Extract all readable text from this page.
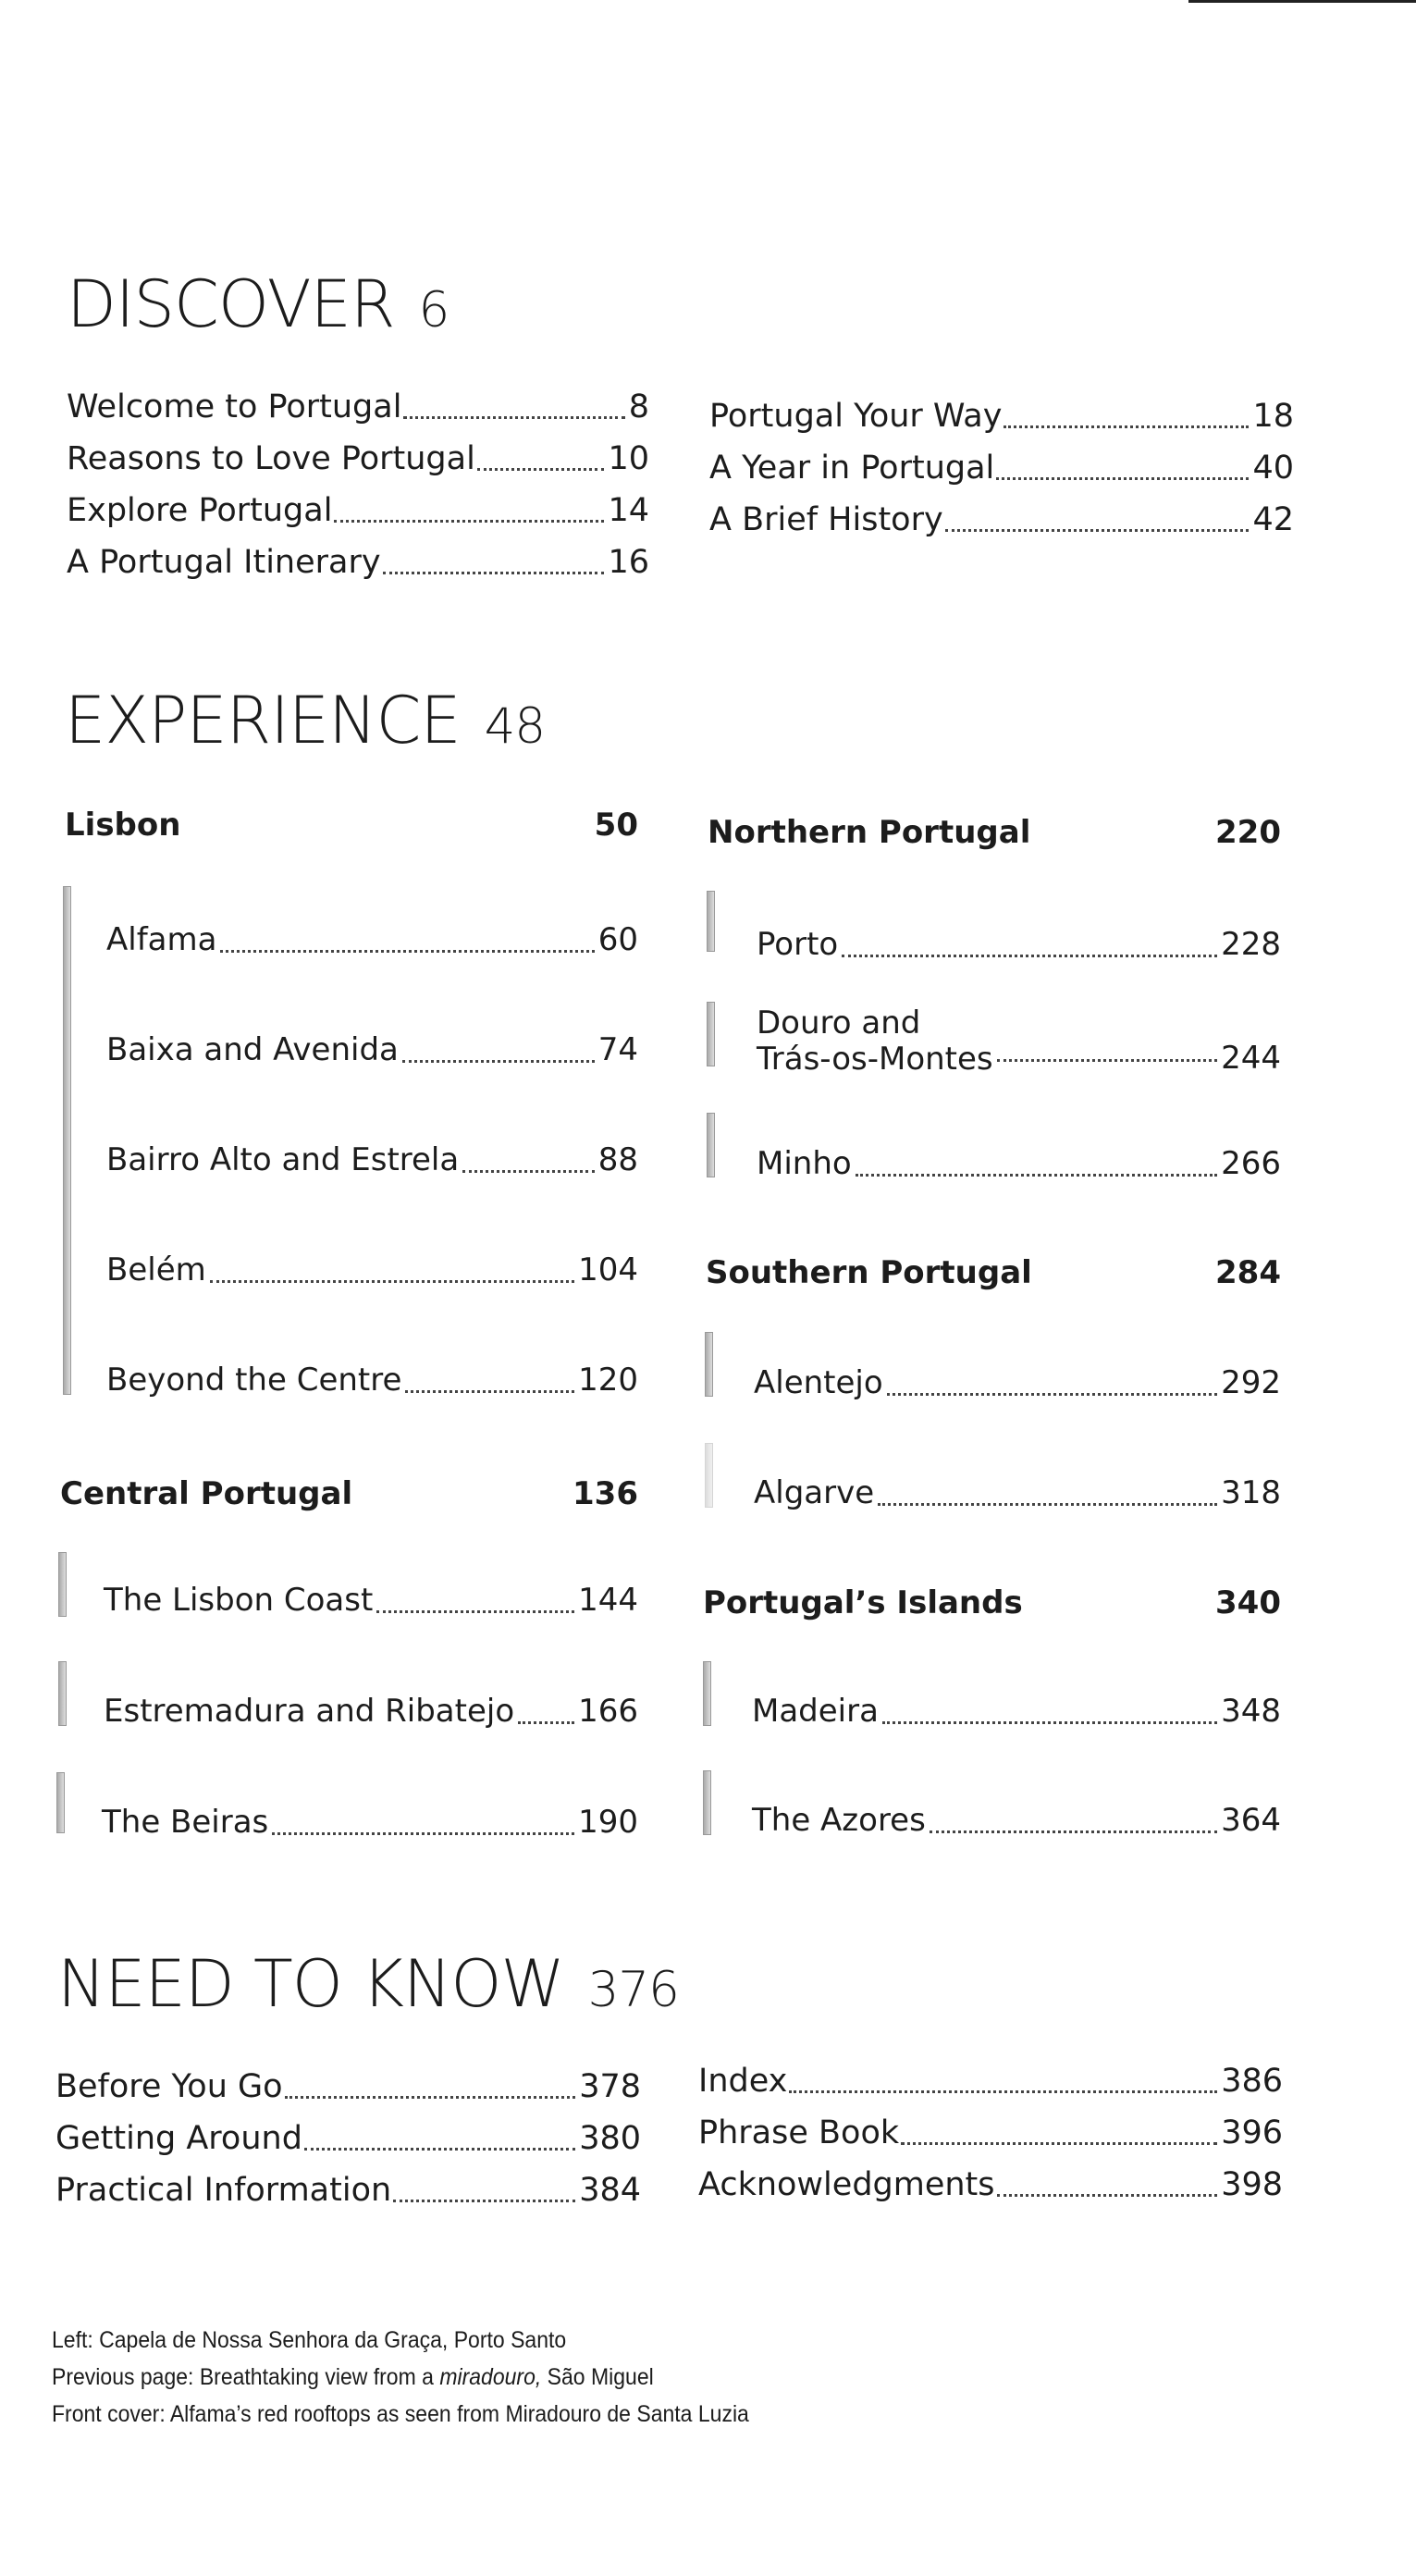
DISCOVER 6
Welcome to Portugal	8
Reasons to Love Portugal	10
Explore Portugal	14
A Portugal Itinerary	16
Portugal Your Way	18
A Year in Portugal	40
A Brief History	42
EXPERIENCE 48
Lisbon	50
Alfama	60
Baixa and Avenida	74
Bairro Alto and Estrela	88
Belém	104
Beyond the Centre	120
Central Portugal	136
The Lisbon Coast	144
Estremadura and Ribatejo 166
The Beiras	190
Northern Portugal	220
Porto	228
Douro and
Trás-os-Montes	244
Minho	266
Southern Portugal	284
Alentejo	292
Algarve	318
Portugal’s Islands	340
Madeira	348
The Azores	364
NEED TO KNOW 376
Before You Go	378
Getting Around	380
Practical Information	384
Index	386
Phrase Book	396
Acknowledgments	398
Left: Capela de Nossa Senhora da Graça, Porto Santo
Previous page: Breathtaking view from a miradouro, São Miguel
Front cover: Alfama’s red rooftops as seen from Miradouro de Santa Luzia
